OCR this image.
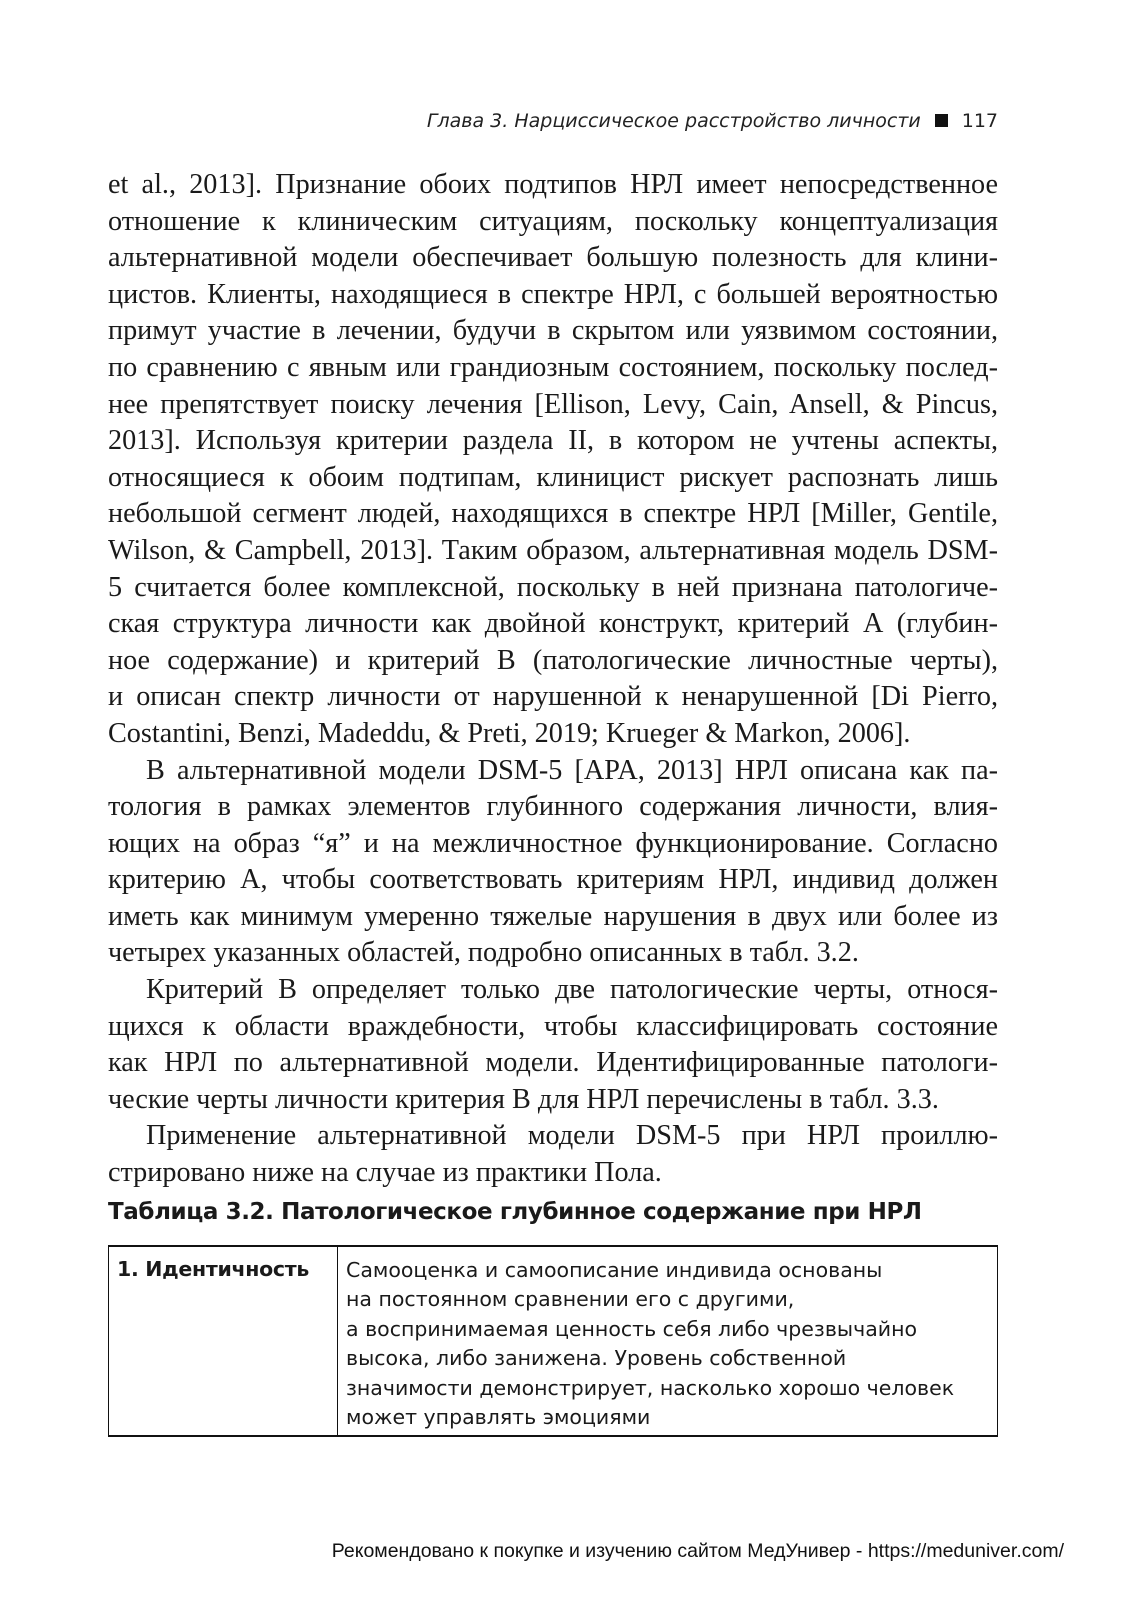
Глава 3. Нарциссическое расстройство личности 117
et al., 2013]. Признание обоих подтипов НРЛ имеет непосредственное
отношение к клиническим ситуациям, поскольку концептуализация
альтернативной модели обеспечивает большую полезность для клини-
цистов. Клиенты, находящиеся в спектре НРЛ, с большей вероятностью
примут участие в лечении, будучи в скрытом или уязвимом состоянии,
по сравнению с явным или грандиозным состоянием, поскольку послед-
нее препятствует поиску лечения [Ellison, Levy, Cain, Ansell, & Pincus,
2013]. Используя критерии раздела II, в котором не учтены аспекты,
относящиеся к обоим подтипам, клиницист рискует распознать лишь
небольшой сегмент людей, находящихся в спектре НРЛ [Miller, Gentile,
Wilson, & Campbell, 2013]. Таким образом, альтернативная модель DSM-
5 считается более комплексной, поскольку в ней признана патологиче-
ская структура личности как двойной конструкт, критерий А (глубин-
ное содержание) и критерий В (патологические личностные черты),
и описан спектр личности от нарушенной к ненарушенной [Di Pierro,
Costantini, Benzi, Madeddu, & Preti, 2019; Krueger & Markon, 2006].
В альтернативной модели DSM-5 [APA, 2013] НРЛ описана как па-
тология в рамках элементов глубинного содержания личности, влия-
ющих на образ “я” и на межличностное функционирование. Согласно
критерию А, чтобы соответствовать критериям НРЛ, индивид должен
иметь как минимум умеренно тяжелые нарушения в двух или более из
четырех указанных областей, подробно описанных в табл. 3.2.
Критерий В определяет только две патологические черты, относя-
щихся к области враждебности, чтобы классифицировать состояние
как НРЛ по альтернативной модели. Идентифицированные патологи-
ческие черты личности критерия В для НРЛ перечислены в табл. 3.3.
Применение альтернативной модели DSM-5 при НРЛ проиллю-
стрировано ниже на случае из практики Пола.
Таблица 3.2. Патологическое глубинное содержание при НРЛ
1. Идентичность	Самооценка и самоописание индивида основаны
на постоянном сравнении его с другими,
а воспринимаемая ценность себя либо чрезвычайно
высока, либо занижена. Уровень собственной
значимости демонстрирует, насколько хорошо человек
может управлять эмоциями
Рекомендовано к покупке и изучению сайтом МедУнивер - https://meduniver.com/
